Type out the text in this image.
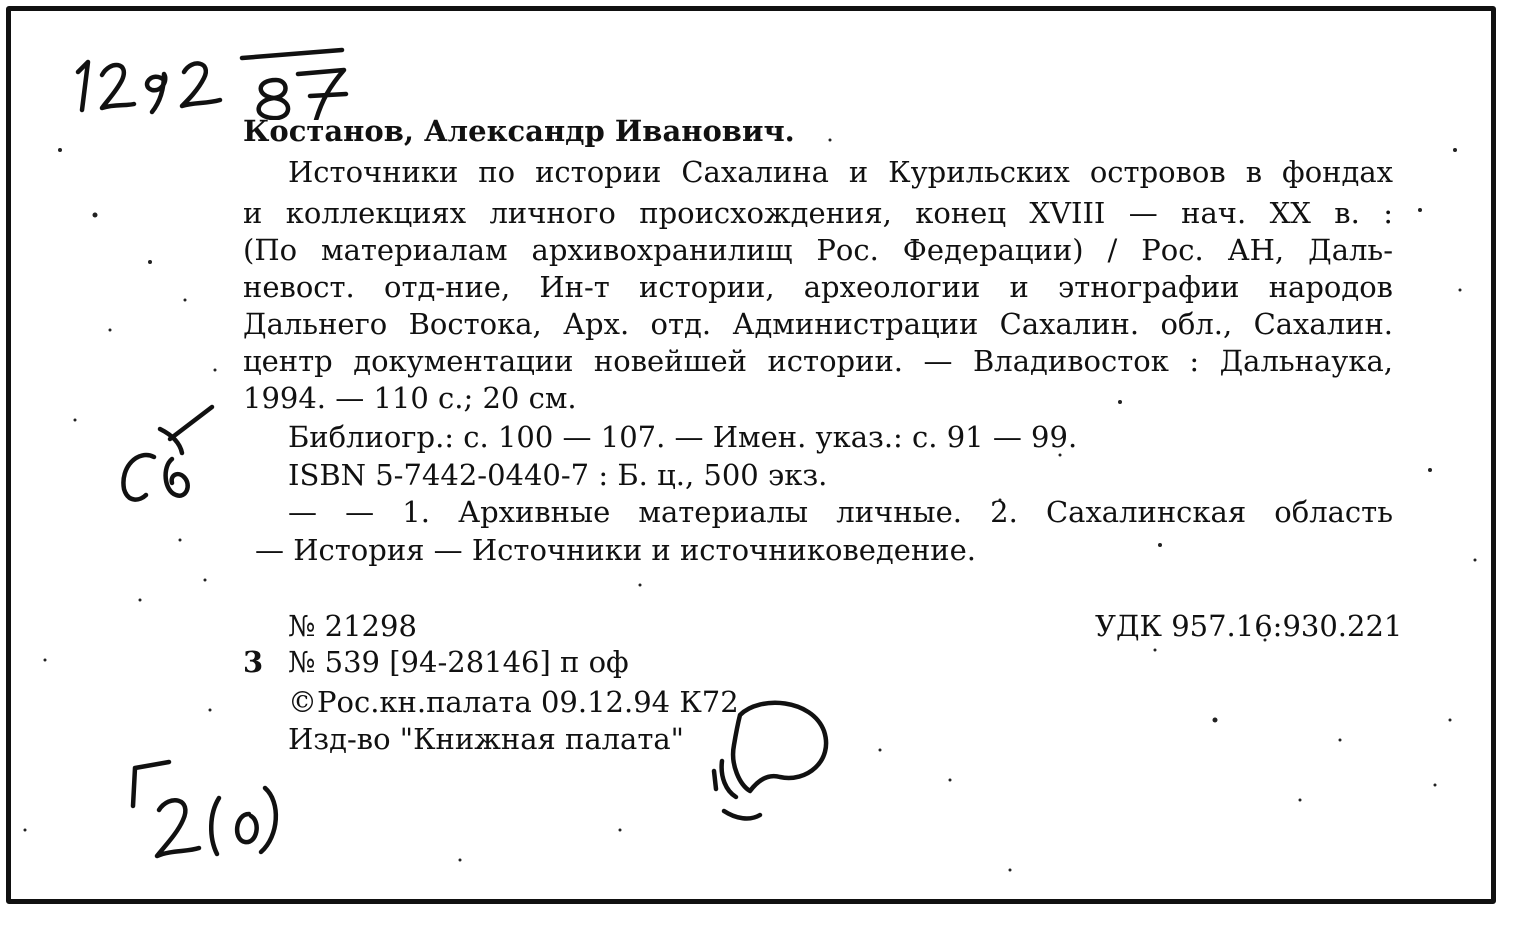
Костанов, Александр Иванович.
Источники по истории Сахалина и Курильских островов в фондах
и коллекциях личного происхождения, конец XVIII — нач. XX в. :
(По материалам архивохранилищ Рос. Федерации) / Рос. АН, Даль-
невост. отд-ние, Ин-т истории, археологии и этнографии народов
Дальнего Востока, Арх. отд. Администрации Сахалин. обл., Сахалин.
центр документации новейшей истории. — Владивосток : Дальнаука,
1994. — 110 с.; 20 см.
Библиогр.: с. 100 — 107. — Имен. указ.: с. 91 — 99.
ISBN 5-7442-0440-7 : Б. ц., 500 экз.
— — 1. Архивные материалы личные. 2. Сахалинская область
— История — Источники и источниковедение.
№ 21298	УДК 957.16:930.221
3 № 539 [94-28146] п оф
©Рос.кн.палата 09.12.94 К72
Изд-во "Книжная палата"
